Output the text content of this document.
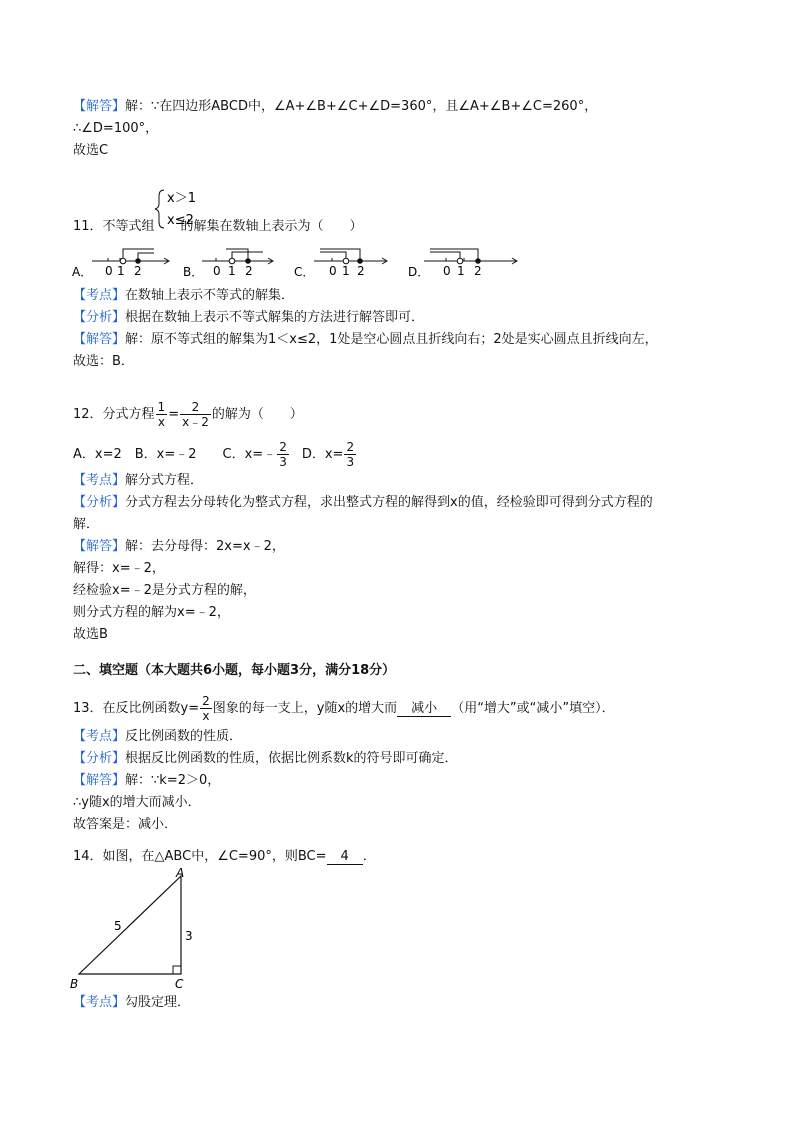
【解答】解：∵在四边形ABCD中，∠A+∠B+∠C+∠D=360°，且∠A+∠B+∠C=260°，
∴∠D=100°，
故选C
11．不等式组 的解集在数轴上表示为（　　）
x＞1
x≤2
A． 0 1 2	B． 0 1 2	C． 0 1 2	D． 0 1 2
【考点】在数轴上表示不等式的解集．
【分析】根据在数轴上表示不等式解集的方法进行解答即可．
【解答】解：原不等式组的解集为1＜x≤2，1处是空心圆点且折线向右；2处是实心圆点且折线向左，
故选：B．
12．分式方程 $\frac{1}{x} = \frac{2}{x﹣2}$ 的解为（　　）
A．x=2　B．x=﹣2　　C．x=﹣ $\frac{2}{3}$ D．$x= \frac{2}{3}$
【考点】解分式方程．
【分析】分式方程去分母转化为整式方程，求出整式方程的解得到x的值，经检验即可得到分式方程的
解．
【解答】解：去分母得：2x=x﹣2，
解得：x=﹣2，
经检验x=﹣2是分式方程的解，
则分式方程的解为x=﹣2，
故选B
二、填空题（本大题共6小题，每小题3分，满分18分）
13．在反比例函数$y= \frac{2}{x}$ 图象的每一支上，y随x的增大而 减小 （用“增大”或“减小”填空）．
【考点】反比例函数的性质．
【分析】根据反比例函数的性质，依据比例系数k的符号即可确定．
【解答】解：∵k=2＞0，
∴y随x的增大而减小．
故答案是：减小．
14．如图，在△ABC中，∠C=90°，则BC= 4 ．
A
B	C
5
3
【考点】勾股定理．
